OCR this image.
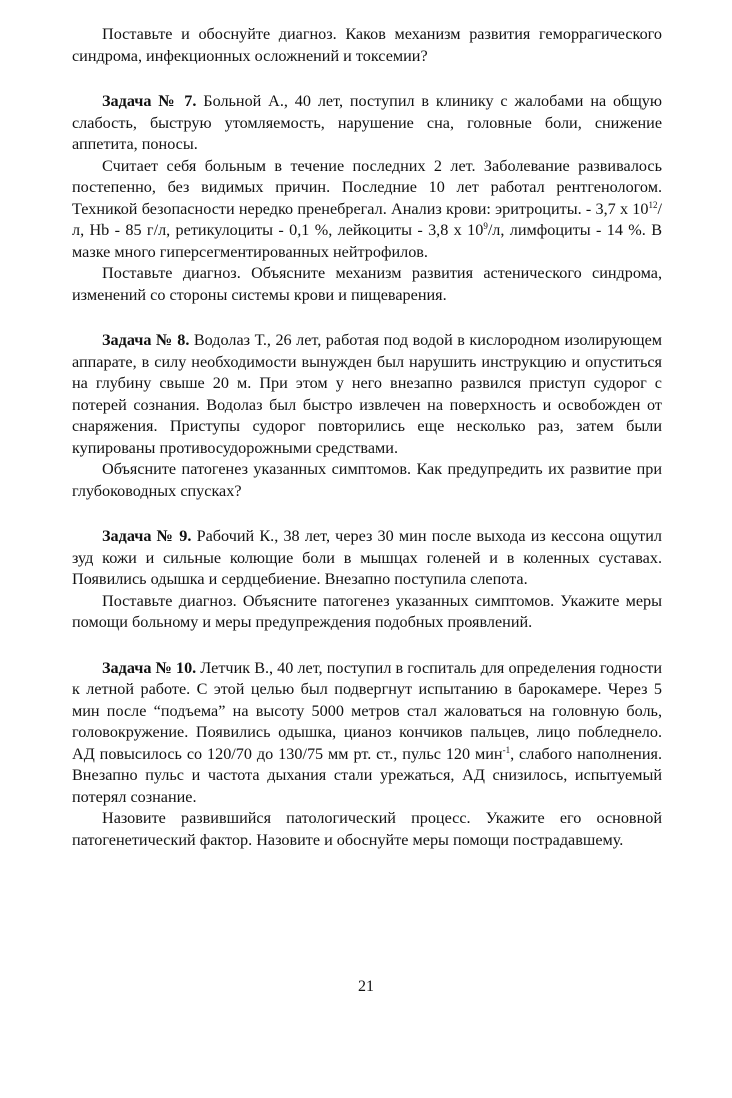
Поставьте и обоснуйте диагноз. Каков механизм развития геморрагического синдрома, инфекционных осложнений и токсемии?

Задача № 7. Больной А., 40 лет, поступил в клинику с жалобами на общую слабость, быструю утомляемость, нарушение сна, головные боли, снижение аппетита, поносы.

Считает себя больным в течение последних 2 лет. Заболевание развивалось постепенно, без видимых причин. Последние 10 лет работал рентгенологом. Техникой безопасности нередко пренебрегал. Анализ крови: эритроциты. - 3,7 х $10^{12}/л$, Hb - 85 г/л, ретикулоциты - 0,1 %, лейкоциты - 3,8 х $10^9/л$, лимфоциты - 14 %. В мазке много гиперсегментированных нейтрофилов.

Поставьте диагноз. Объясните механизм развития астенического синдрома, изменений со стороны системы крови и пищеварения.

Задача № 8. Водолаз Т., 26 лет, работая под водой в кислородном изолирующем аппарате, в силу необходимости вынужден был нарушить инструкцию и опуститься на глубину свыше 20 м. При этом у него внезапно развился приступ судорог с потерей сознания. Водолаз был быстро извлечен на поверхность и освобожден от снаряжения. Приступы судорог повторились еще несколько раз, затем были купированы противосудорожными средствами.

Объясните патогенез указанных симптомов. Как предупредить их развитие при глубоководных спусках?

Задача № 9. Рабочий К., 38 лет, через 30 мин после выхода из кессона ощутил зуд кожи и сильные колющие боли в мышцах голеней и в коленных суставах. Появились одышка и сердцебиение. Внезапно поступила слепота.

Поставьте диагноз. Объясните патогенез указанных симптомов. Укажите меры помощи больному и меры предупреждения подобных проявлений.

Задача № 10. Летчик В., 40 лет, поступил в госпиталь для определения годности к летной работе. С этой целью был подвергнут испытанию в барокамере. Через 5 мин после “подъема” на высоту 5000 метров стал жаловаться на головную боль, головокружение. Появились одышка, цианоз кончиков пальцев, лицо побледнело. АД повысилось со 120/70 до 130/75 мм рт. ст., пульс 120 мин$^{-1}$, слабого наполнения. Внезапно пульс и частота дыхания стали урежаться, АД снизилось, испытуемый потерял сознание.

Назовите развившийся патологический процесс. Укажите его основной патогенетический фактор. Назовите и обоснуйте меры помощи пострадавшему.

21
